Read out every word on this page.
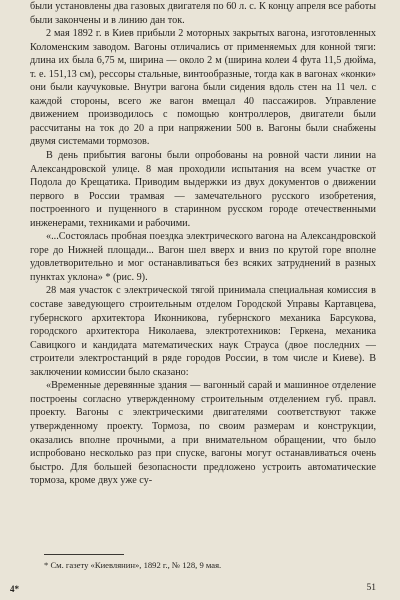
были установлены два газовых двигателя по 60 л. с. К концу апреля все работы были закончены и в линию дан ток.

2 мая 1892 г. в Киев прибыли 2 моторных закрытых вагона, изготовленных Коломенским заводом. Вагоны отличались от применяемых для конной тяги: длина их была 6,75 м, ширина — около 2 м (ширина колеи 4 фута 11,5 дюйма, т. е. 151,13 см), рессоры стальные, винтообразные, тогда как в вагонах «конки» они были каучуковые. Внутри вагона были сидения вдоль стен на 11 чел. с каждой стороны, всего же вагон вмещал 40 пассажиров. Управление движением производилось с помощью контроллеров, двигатели были рассчитаны на ток до 20 а при напряжении 500 в. Вагоны были снабжены двумя системами тормозов.

В день прибытия вагоны были опробованы на ровной части линии на Александровской улице. 8 мая проходили испытания на всем участке от Подола до Крещатика. Приводим выдержки из двух документов о движении первого в России трамвая — замечательного русского изобретения, построенного и пущенного в старинном русском городе отечественными инженерами, техниками и рабочими.

«...Состоялась пробная поездка электрического вагона на Александровской горе до Нижней площади... Вагон шел вверх и вниз по крутой горе вполне удовлетворительно и мог останавливаться без всяких затруднений в разных пунктах уклона» * (рис. 9).

28 мая участок с электрической тягой принимала специальная комиссия в составе заведующего строительным отделом Городской Управы Картавцева, губернского архитектора Иконникова, губернского механика Барсукова, городского архитектора Николаева, электротехников: Геркена, механика Савицкого и кандидата математических наук Страуса (двое последних — строители электростанций в ряде городов России, в том числе и Киеве). В заключении комиссии было сказано:

«Временные деревянные здания — вагонный сарай и машинное отделение построены согласно утвержденному строительным отделением губ. правл. проекту. Вагоны с электрическими двигателями соответствуют также утвержденному проекту. Тормоза, по своим размерам и конструкции, оказались вполне прочными, а при внимательном обращении, что было испробовано несколько раз при спуске, вагоны могут останавливаться очень быстро. Для большей безопасности предложено устроить автоматические тормоза, кроме двух уже су-

* См. газету «Киевлянин», 1892 г., № 128, 9 мая.
4*	51
